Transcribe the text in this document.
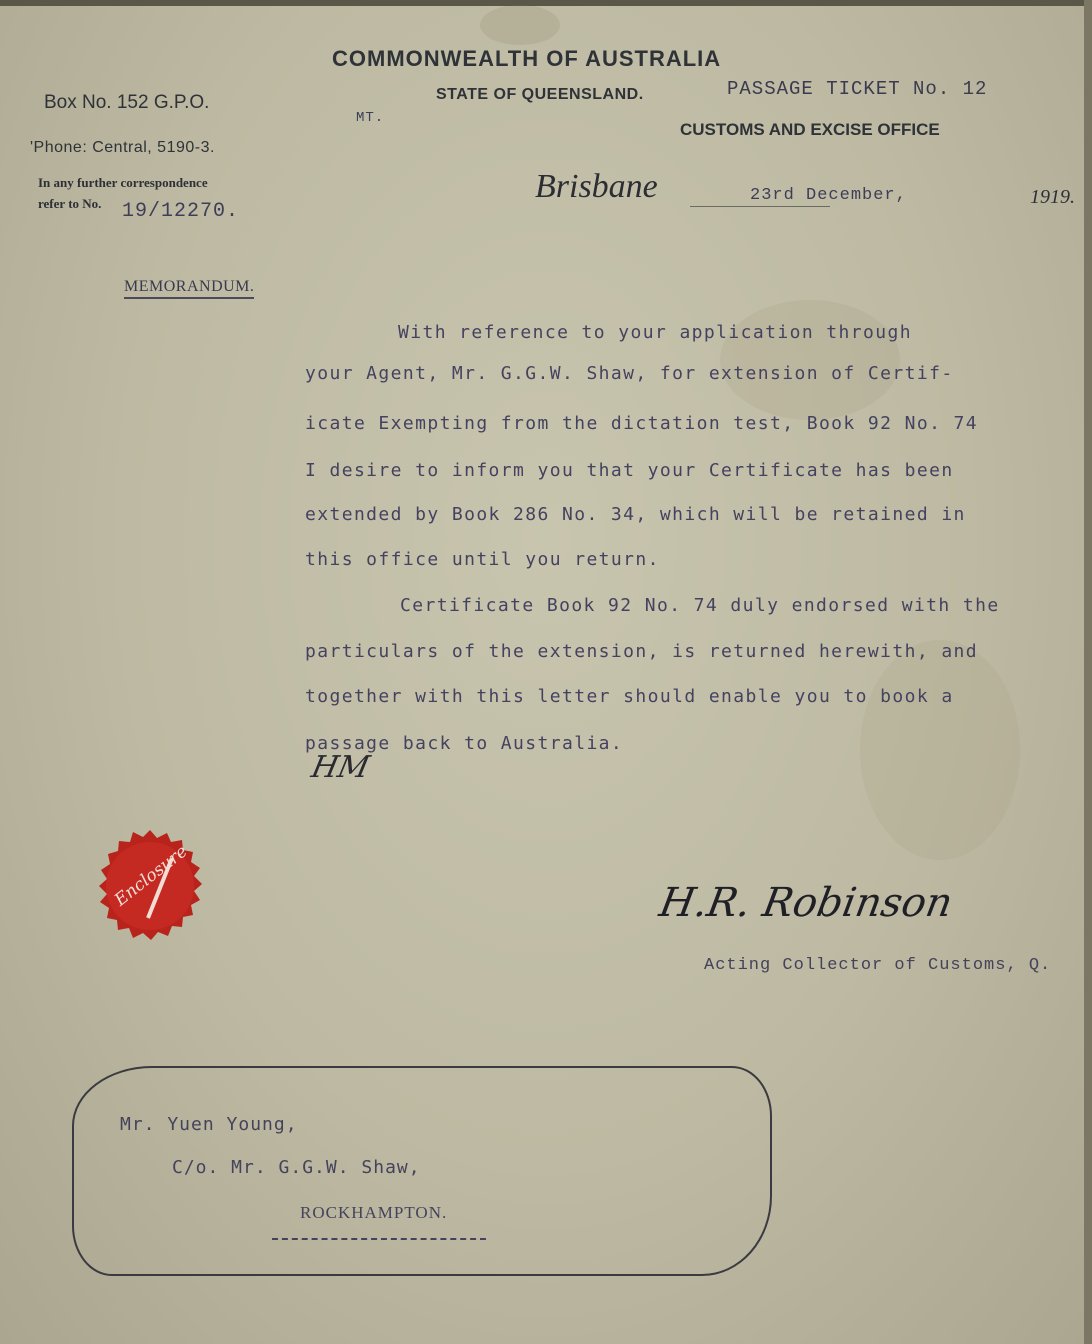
Box No. 152 G.P.O.
'Phone: Central, 5190-3.
In any further correspondence
refer to No. 19/12270.
MT.
COMMONWEALTH OF AUSTRALIA
STATE OF QUEENSLAND.	PASSAGE TICKET No. 12
CUSTOMS AND EXCISE OFFICE
Brisbane	23rd December,	1919.
MEMORANDUM.
With reference to your application through
your Agent, Mr. G.G.W. Shaw, for extension of Certif-
icate Exempting from the dictation test, Book 92 No. 74
I desire to inform you that your Certificate has been
extended by Book 286 No. 34, which will be retained in
this office until you return.
Certificate Book 92 No. 74 duly endorsed with the
particulars of the extension, is returned herewith, and
together with this letter should enable you to book a
passage back to Australia.
HM
Enclosure	H.R. Robinson
Acting Collector of Customs, Q.
Mr. Yuen Young,
C/o. Mr. G.G.W. Shaw,
ROCKHAMPTON.
